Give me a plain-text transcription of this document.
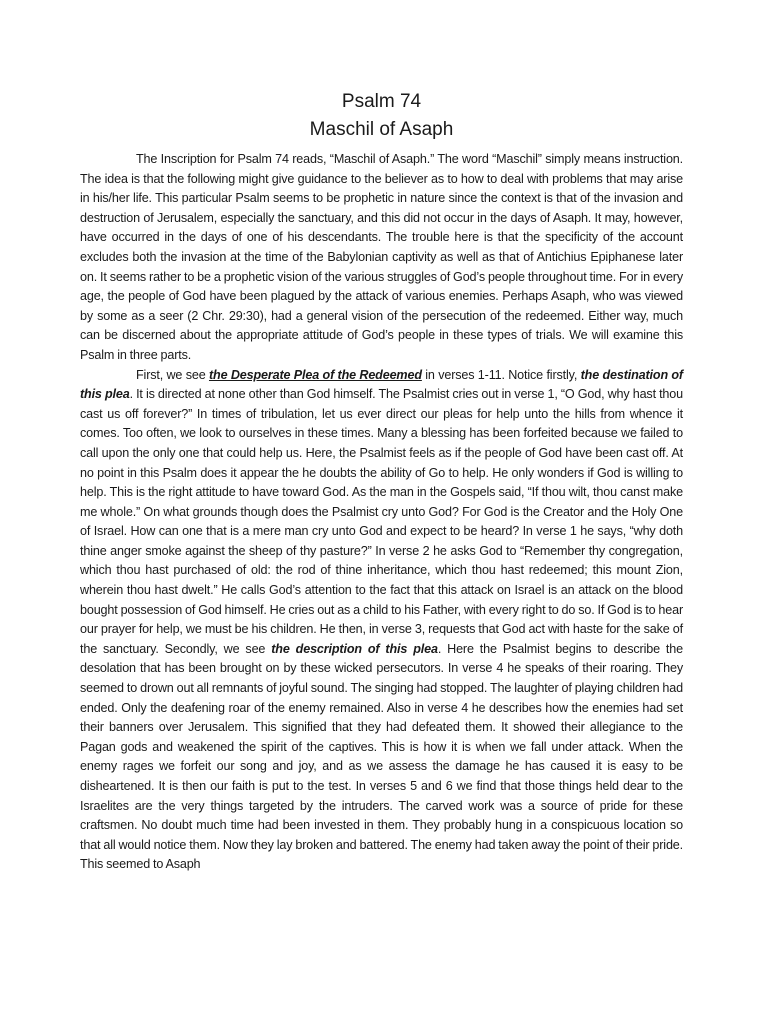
Psalm 74
Maschil of Asaph

The Inscription for Psalm 74 reads, “Maschil of Asaph.” The word “Maschil” simply means instruction. The idea is that the following might give guidance to the believer as to how to deal with problems that may arise in his/her life. This particular Psalm seems to be prophetic in nature since the context is that of the invasion and destruction of Jerusalem, especially the sanctuary, and this did not occur in the days of Asaph. It may, however, have occurred in the days of one of his descendants. The trouble here is that the specificity of the account excludes both the invasion at the time of the Babylonian captivity as well as that of Antichius Epiphanese later on. It seems rather to be a prophetic vision of the various struggles of God’s people throughout time. For in every age, the people of God have been plagued by the attack of various enemies. Perhaps Asaph, who was viewed by some as a seer (2 Chr. 29:30), had a general vision of the persecution of the redeemed. Either way, much can be discerned about the appropriate attitude of God’s people in these types of trials. We will examine this Psalm in three parts.

First, we see the Desperate Plea of the Redeemed in verses 1-11. Notice firstly, the destination of this plea. It is directed at none other than God himself. The Psalmist cries out in verse 1, “O God, why hast thou cast us off forever?” In times of tribulation, let us ever direct our pleas for help unto the hills from whence it comes. Too often, we look to ourselves in these times. Many a blessing has been forfeited because we failed to call upon the only one that could help us. Here, the Psalmist feels as if the people of God have been cast off. At no point in this Psalm does it appear the he doubts the ability of Go to help. He only wonders if God is willing to help. This is the right attitude to have toward God. As the man in the Gospels said, “If thou wilt, thou canst make me whole.” On what grounds though does the Psalmist cry unto God? For God is the Creator and the Holy One of Israel. How can one that is a mere man cry unto God and expect to be heard? In verse 1 he says, “why doth thine anger smoke against the sheep of thy pasture?” In verse 2 he asks God to “Remember thy congregation, which thou hast purchased of old: the rod of thine inheritance, which thou hast redeemed; this mount Zion, wherein thou hast dwelt.” He calls God’s attention to the fact that this attack on Israel is an attack on the blood bought possession of God himself. He cries out as a child to his Father, with every right to do so. If God is to hear our prayer for help, we must be his children. He then, in verse 3, requests that God act with haste for the sake of the sanctuary. Secondly, we see the description of this plea. Here the Psalmist begins to describe the desolation that has been brought on by these wicked persecutors. In verse 4 he speaks of their roaring. They seemed to drown out all remnants of joyful sound. The singing had stopped. The laughter of playing children had ended. Only the deafening roar of the enemy remained. Also in verse 4 he describes how the enemies had set their banners over Jerusalem. This signified that they had defeated them. It showed their allegiance to the Pagan gods and weakened the spirit of the captives. This is how it is when we fall under attack. When the enemy rages we forfeit our song and joy, and as we assess the damage he has caused it is easy to be disheartened. It is then our faith is put to the test. In verses 5 and 6 we find that those things held dear to the Israelites are the very things targeted by the intruders. The carved work was a source of pride for these craftsmen. No doubt much time had been invested in them. They probably hung in a conspicuous location so that all would notice them. Now they lay broken and battered. The enemy had taken away the point of their pride. This seemed to Asaph
